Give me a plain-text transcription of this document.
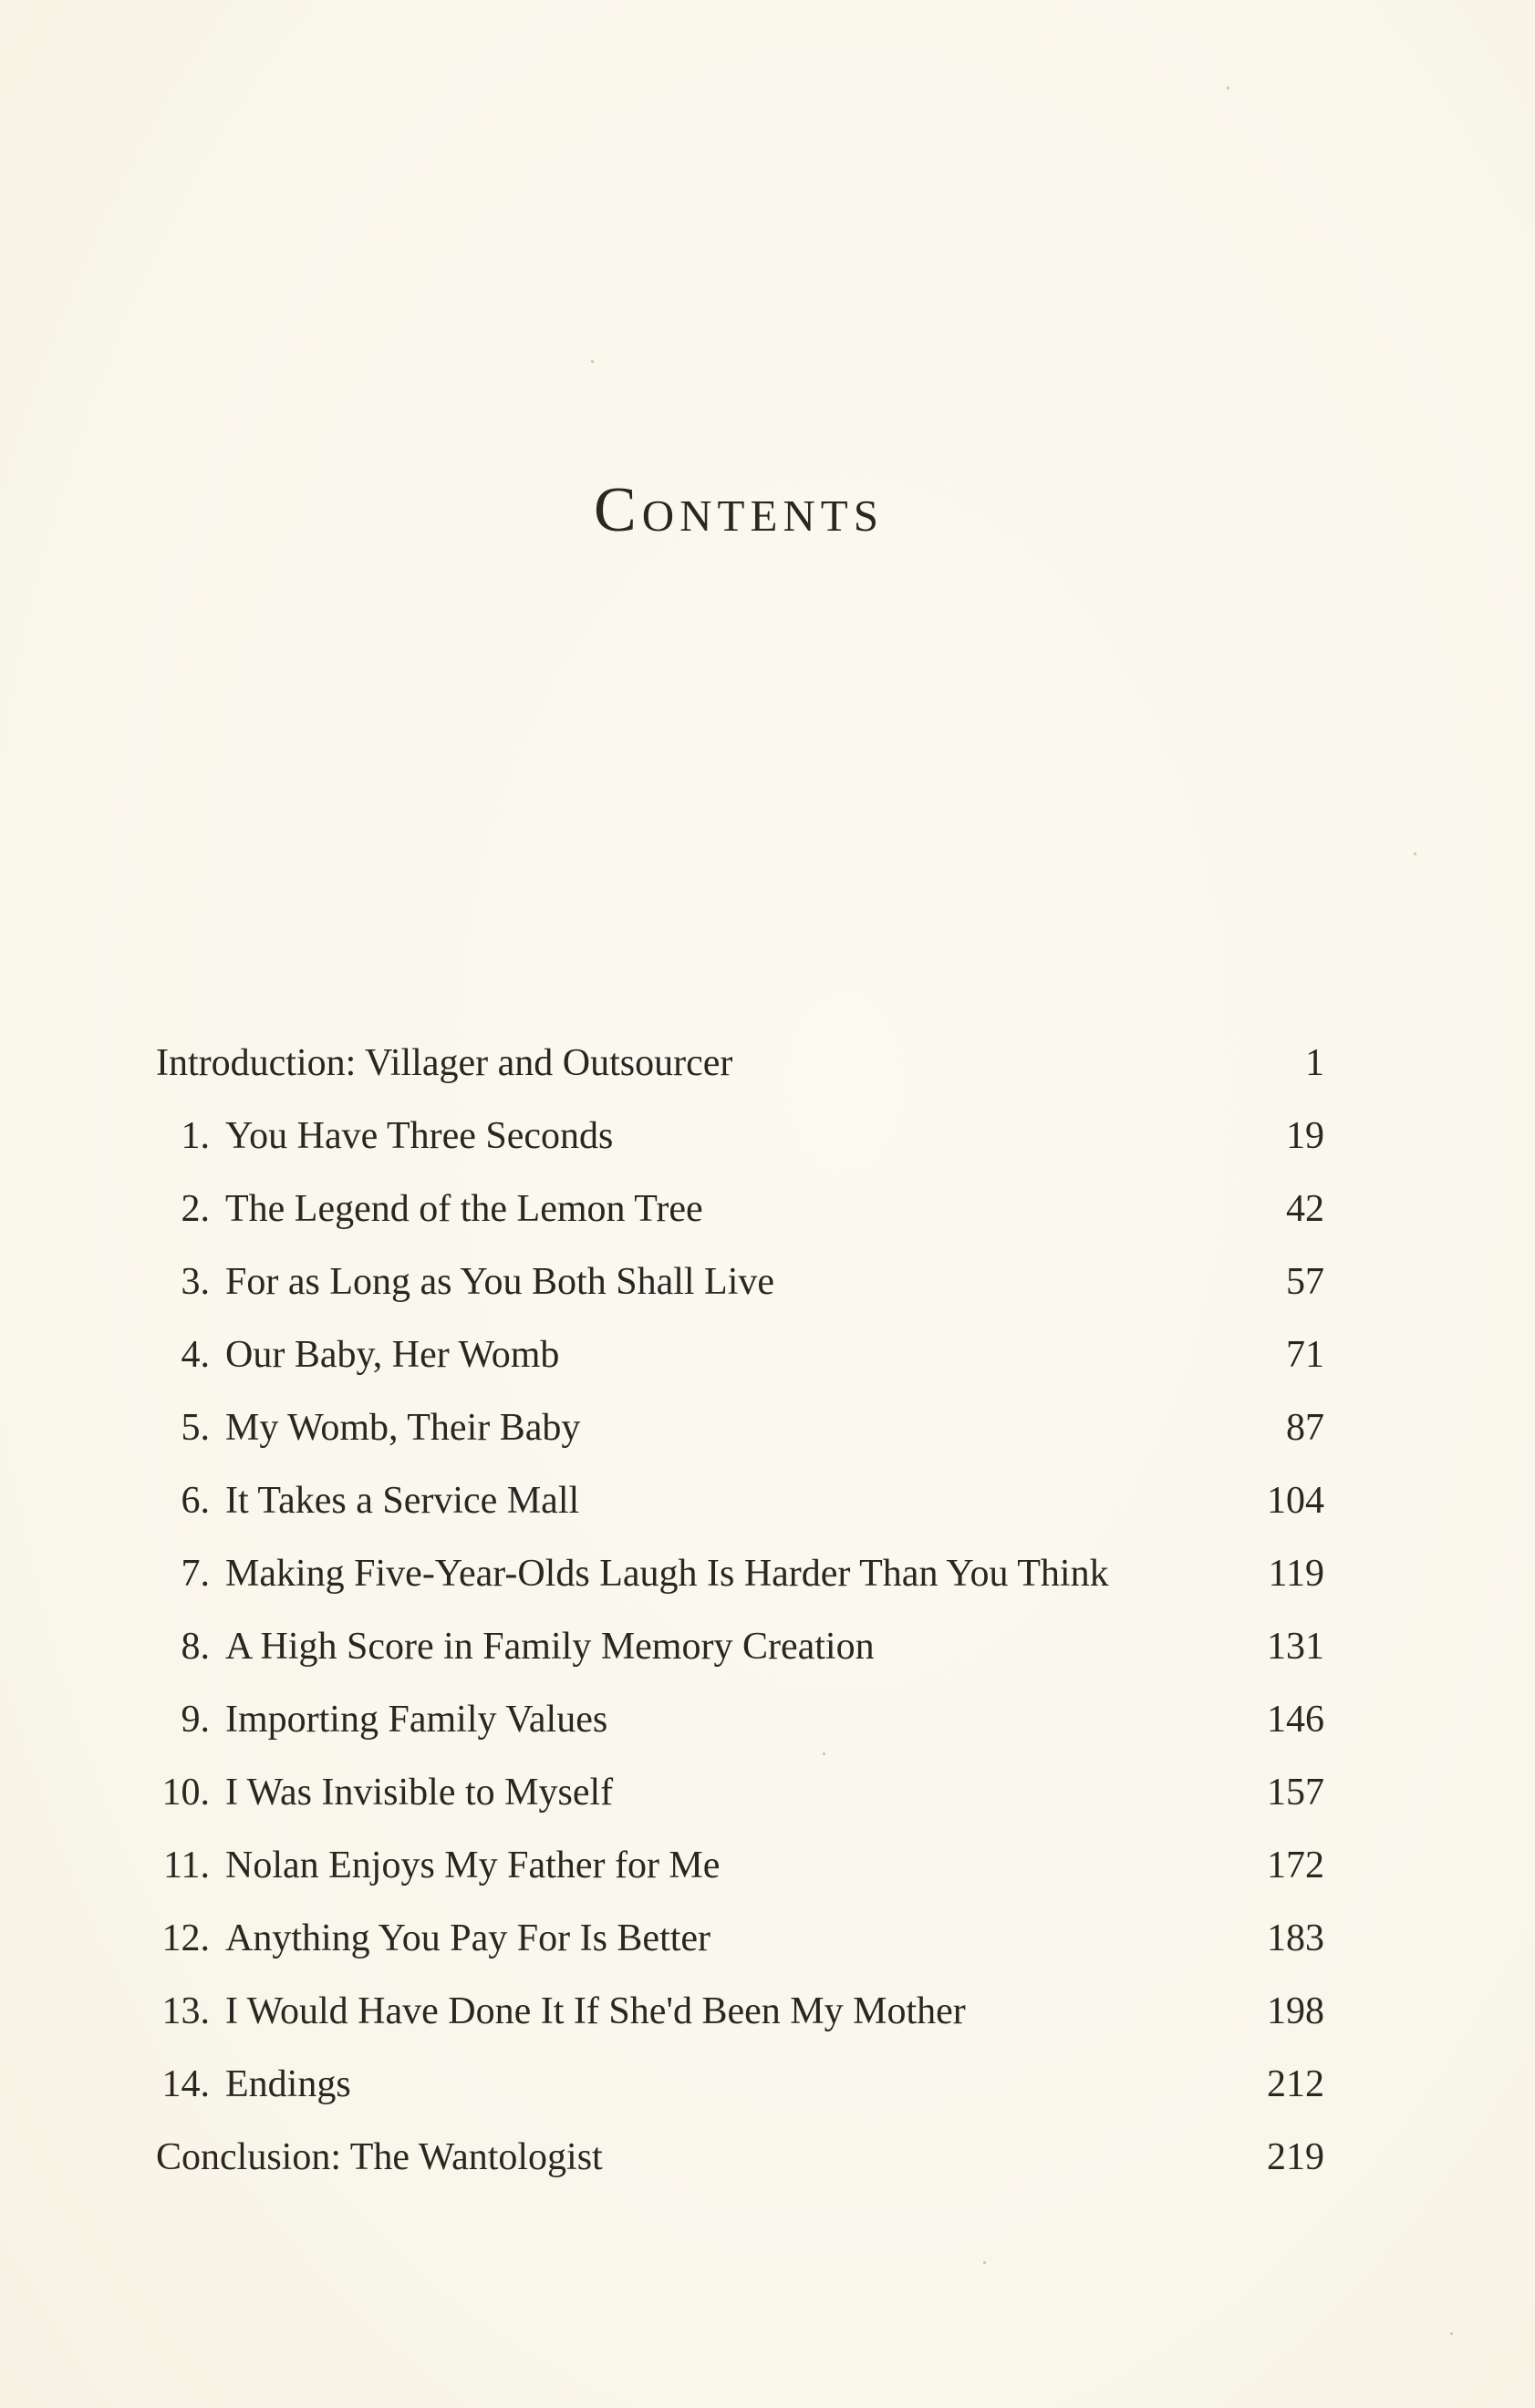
Contents
Introduction: Villager and Outsourcer	1
1. You Have Three Seconds	19
2. The Legend of the Lemon Tree	42
3. For as Long as You Both Shall Live	57
4. Our Baby, Her Womb	71
5. My Womb, Their Baby	87
6. It Takes a Service Mall	104
7. Making Five-Year-Olds Laugh Is Harder Than You Think	119
8. A High Score in Family Memory Creation	131
9. Importing Family Values	146
10. I Was Invisible to Myself	157
11. Nolan Enjoys My Father for Me	172
12. Anything You Pay For Is Better	183
13. I Would Have Done It If She'd Been My Mother	198
14. Endings	212
Conclusion: The Wantologist	219
